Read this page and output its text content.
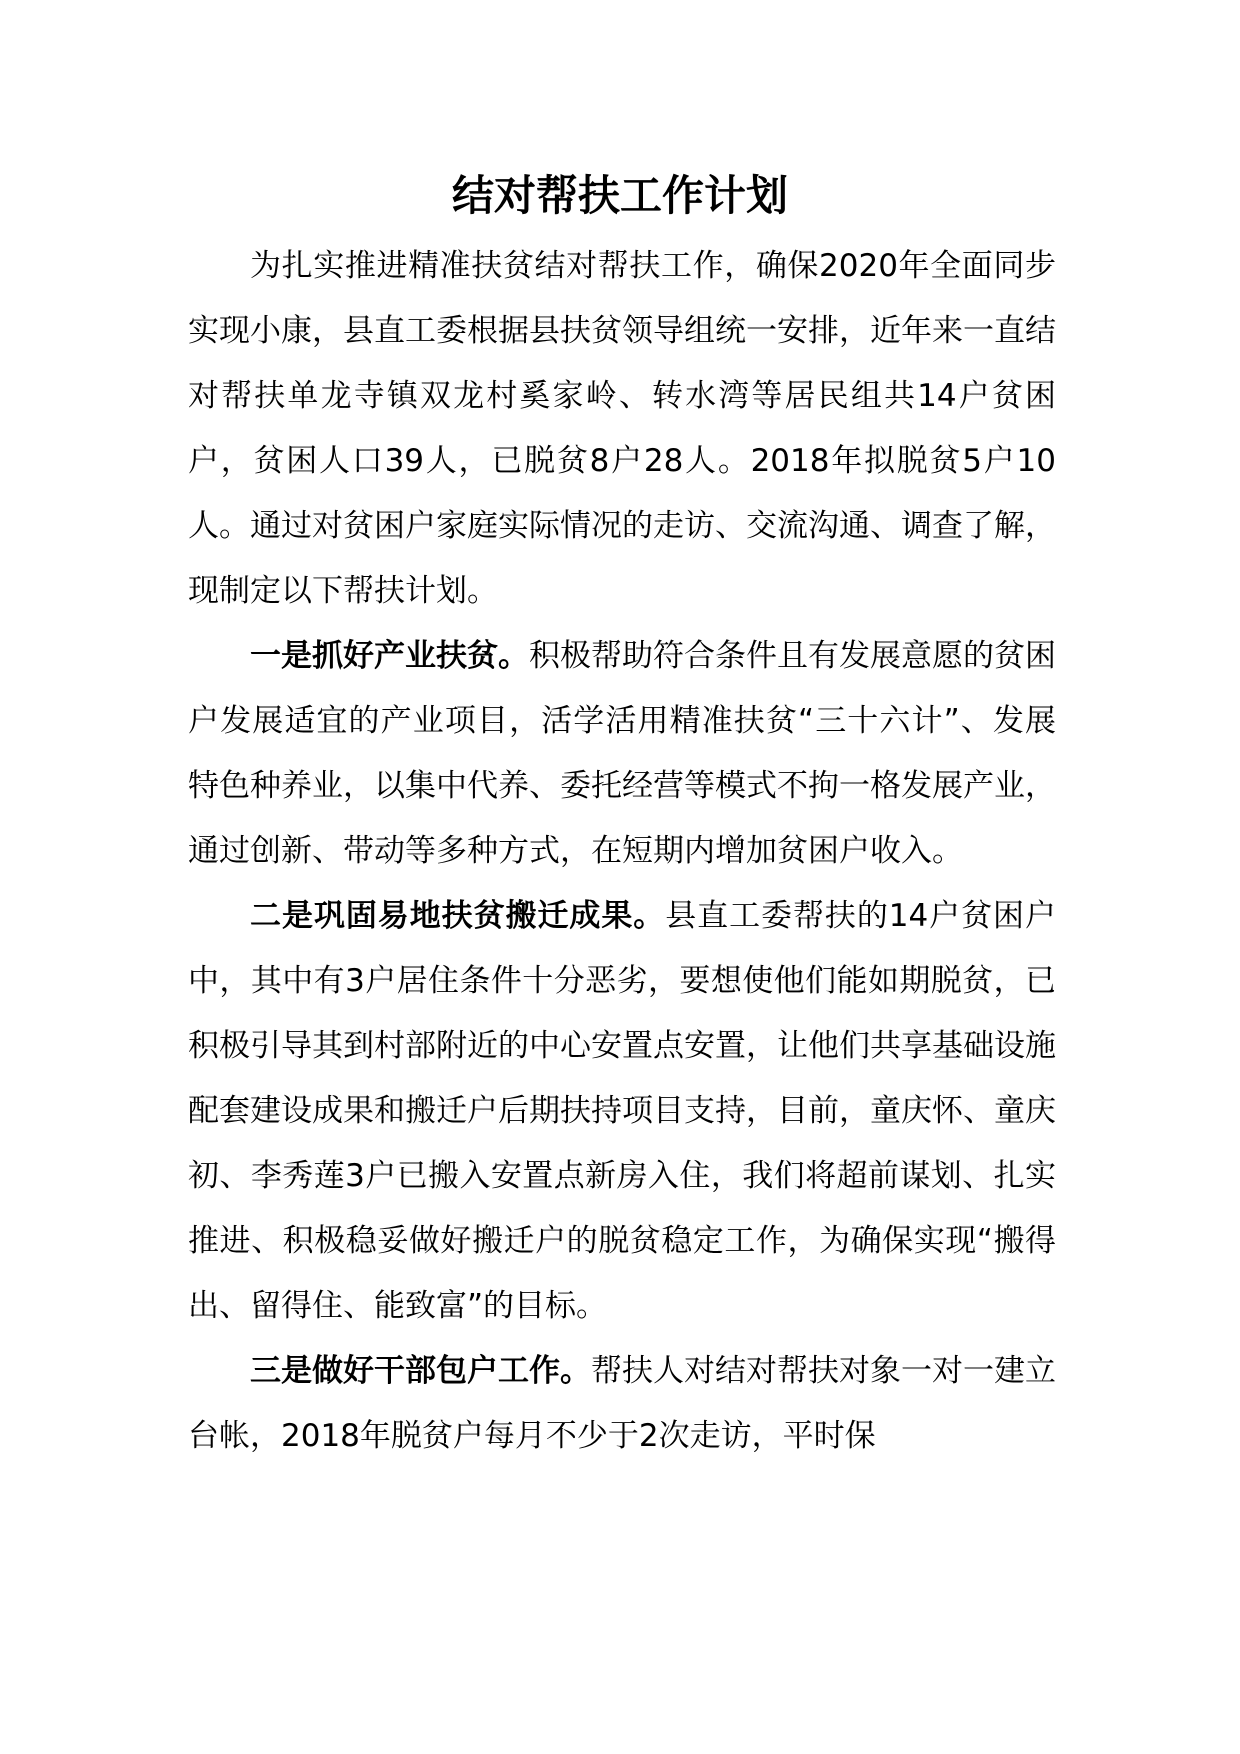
结对帮扶工作计划

为扎实推进精准扶贫结对帮扶工作，确保2020年全面同步实现小康，县直工委根据县扶贫领导组统一安排，近年来一直结对帮扶单龙寺镇双龙村奚家岭、转水湾等居民组共14户贫困户，贫困人口39人，已脱贫8户28人。2018年拟脱贫5户10人。通过对贫困户家庭实际情况的走访、交流沟通、调查了解，现制定以下帮扶计划。

一是抓好产业扶贫。积极帮助符合条件且有发展意愿的贫困户发展适宜的产业项目，活学活用精准扶贫“三十六计”、发展特色种养业，以集中代养、委托经营等模式不拘一格发展产业，通过创新、带动等多种方式，在短期内增加贫困户收入。

二是巩固易地扶贫搬迁成果。县直工委帮扶的14户贫困户中，其中有3户居住条件十分恶劣，要想使他们能如期脱贫，已积极引导其到村部附近的中心安置点安置，让他们共享基础设施配套建设成果和搬迁户后期扶持项目支持，目前，童庆怀、童庆初、李秀莲3户已搬入安置点新房入住，我们将超前谋划、扎实推进、积极稳妥做好搬迁户的脱贫稳定工作，为确保实现“搬得出、留得住、能致富”的目标。

三是做好干部包户工作。帮扶人对结对帮扶对象一对一建立台帐，2018年脱贫户每月不少于2次走访，平时保
